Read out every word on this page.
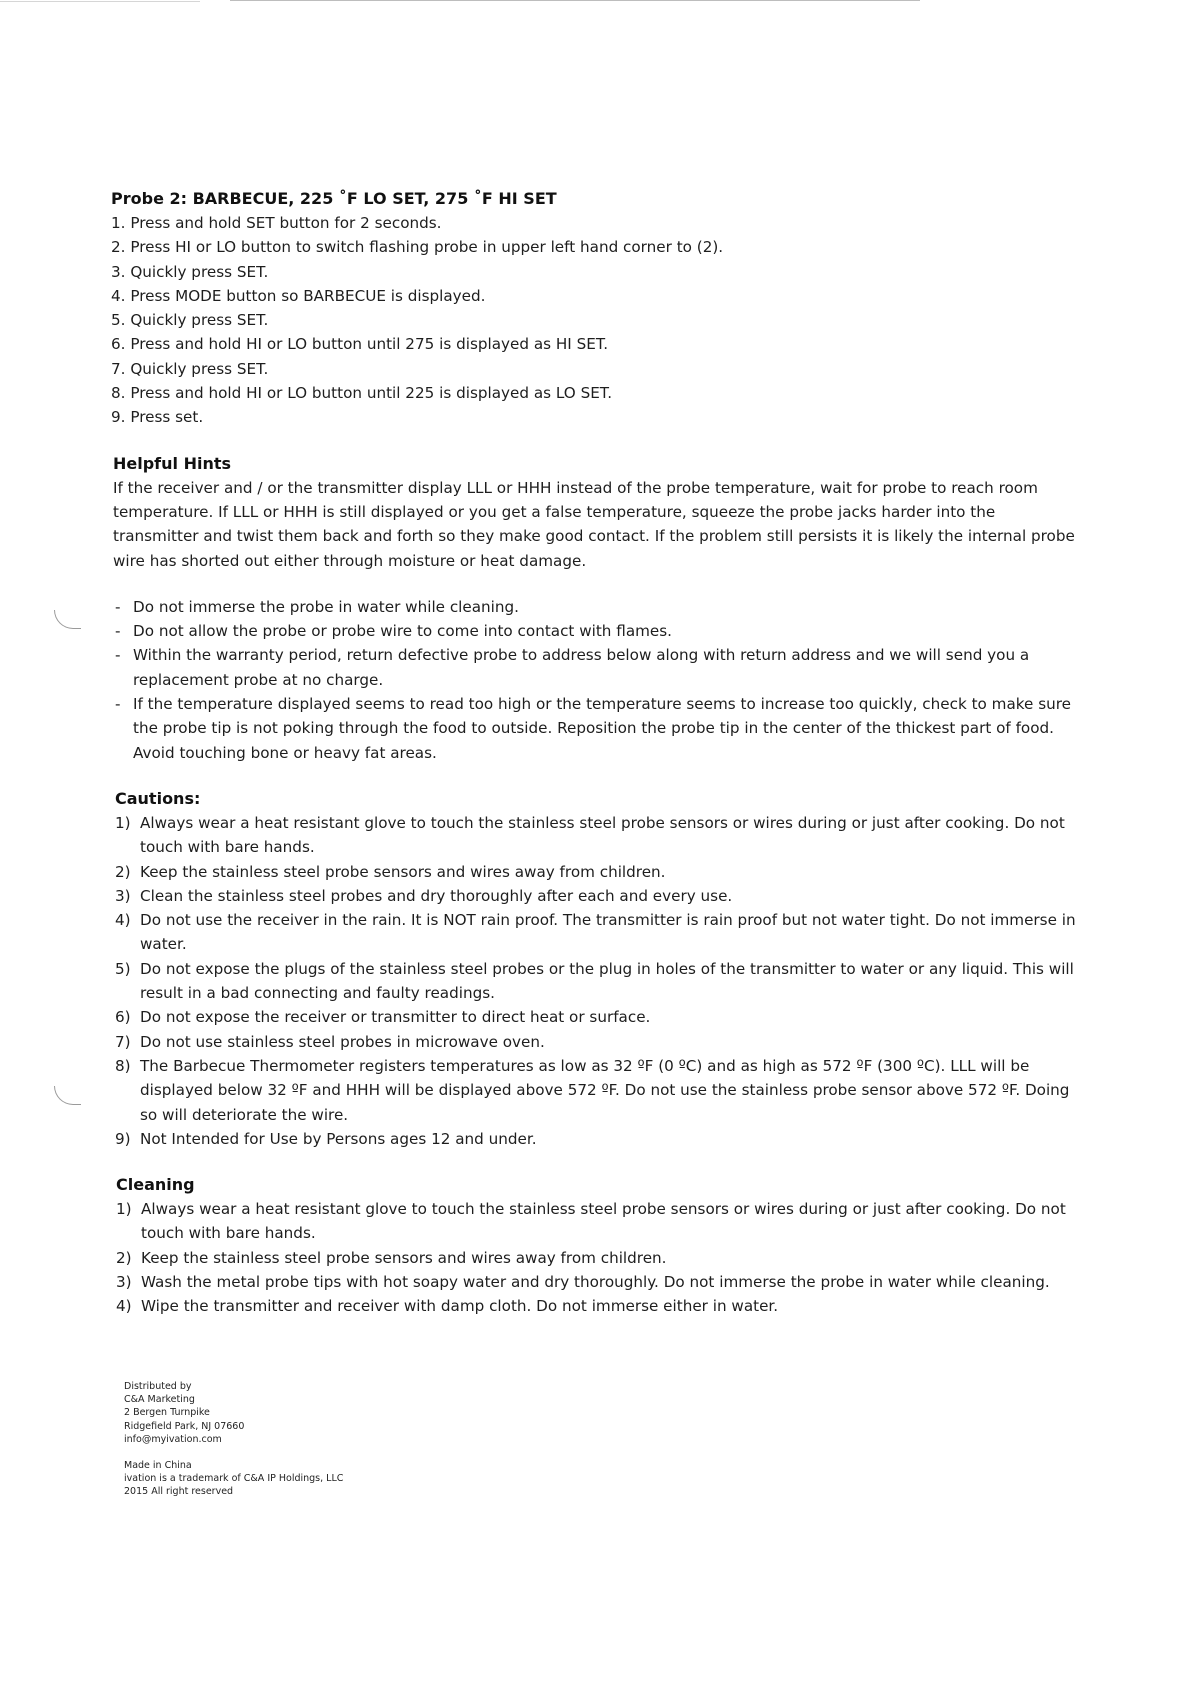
Probe 2: BARBECUE, 225 ˚F LO SET, 275 ˚F HI SET
1. Press and hold SET button for 2 seconds.
2. Press HI or LO button to switch flashing probe in upper left hand corner to (2).
3. Quickly press SET.
4. Press MODE button so BARBECUE is displayed.
5. Quickly press SET.
6. Press and hold HI or LO button until 275 is displayed as HI SET.
7. Quickly press SET.
8. Press and hold HI or LO button until 225 is displayed as LO SET.
9. Press set.
Helpful Hints

If the receiver and / or the transmitter display LLL or HHH instead of the probe temperature, wait for probe to reach room temperature. If LLL or HHH is still displayed or you get a false temperature, squeeze the probe jacks harder into the transmitter and twist them back and forth so they make good contact. If the problem still persists it is likely the internal probe wire has shorted out either through moisture or heat damage.

- Do not immerse the probe in water while cleaning.
- Do not allow the probe or probe wire to come into contact with flames.
- Within the warranty period, return defective probe to address below along with return address and we will send you a replacement probe at no charge.
- If the temperature displayed seems to read too high or the temperature seems to increase too quickly, check to make sure the probe tip is not poking through the food to outside. Reposition the probe tip in the center of the thickest part of food. Avoid touching bone or heavy fat areas.
Cautions:
1) Always wear a heat resistant glove to touch the stainless steel probe sensors or wires during or just after cooking. Do not touch with bare hands.
2) Keep the stainless steel probe sensors and wires away from children.
3) Clean the stainless steel probes and dry thoroughly after each and every use.
4) Do not use the receiver in the rain. It is NOT rain proof. The transmitter is rain proof but not water tight. Do not immerse in water.
5) Do not expose the plugs of the stainless steel probes or the plug in holes of the transmitter to water or any liquid. This will result in a bad connecting and faulty readings.
6) Do not expose the receiver or transmitter to direct heat or surface.
7) Do not use stainless steel probes in microwave oven.
8) The Barbecue Thermometer registers temperatures as low as 32 ºF (0 ºC) and as high as 572 ºF (300 ºC). LLL will be displayed below 32 ºF and HHH will be displayed above 572 ºF. Do not use the stainless probe sensor above 572 ºF. Doing so will deteriorate the wire.
9) Not Intended for Use by Persons ages 12 and under.
Cleaning
1) Always wear a heat resistant glove to touch the stainless steel probe sensors or wires during or just after cooking. Do not touch with bare hands.
2) Keep the stainless steel probe sensors and wires away from children.
3) Wash the metal probe tips with hot soapy water and dry thoroughly. Do not immerse the probe in water while cleaning.
4) Wipe the transmitter and receiver with damp cloth. Do not immerse either in water.

Distributed by

C&A Marketing

2 Bergen Turnpike

Ridgefield Park, NJ 07660

info@myivation.com

Made in China

ivation is a trademark of C&A IP Holdings, LLC

2015 All right reserved
